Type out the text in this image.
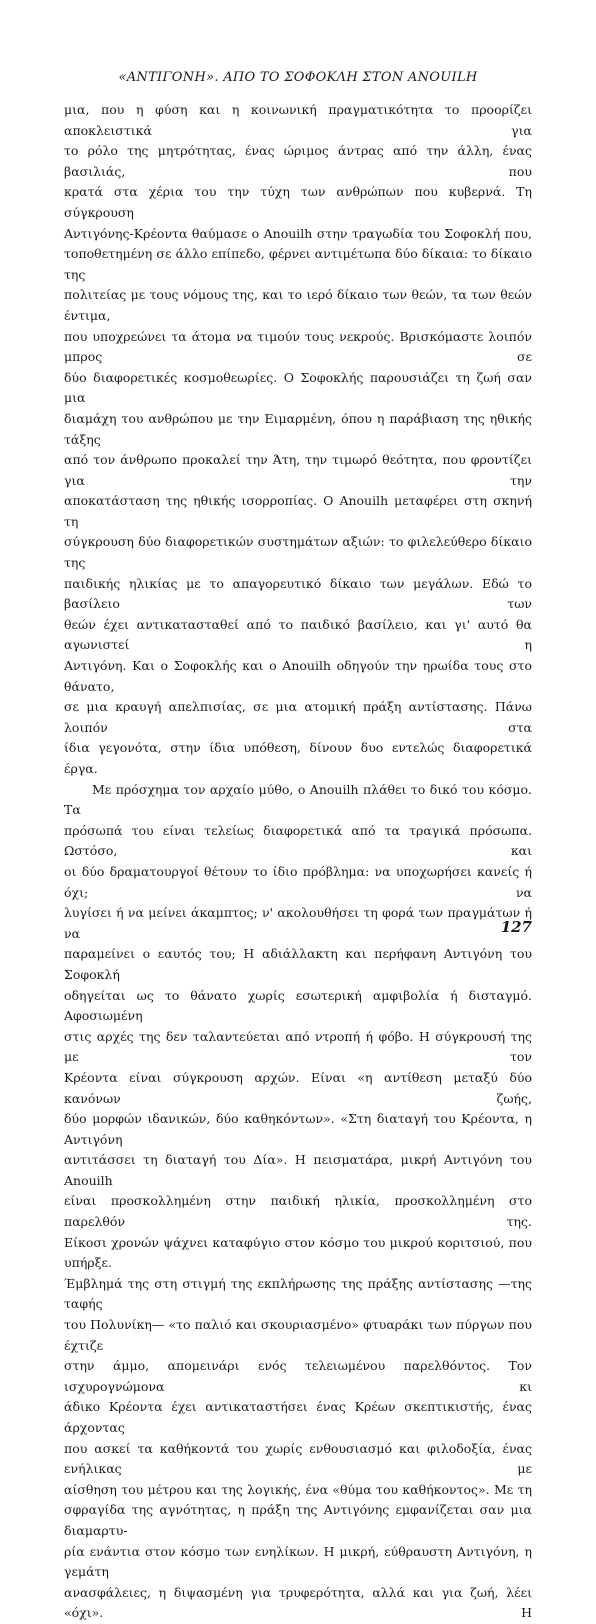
«ΑΝΤΙΓΟΝΗ». ΑΠΟ ΤΟ ΣΟΦΟΚΛΗ ΣΤΟΝ ANOUILH
μια, που η φύση και η κοινωνική πραγματικότητα το προορίζει αποκλειστικά για
το ρόλο της μητρότητας, ένας ώριμος άντρας από την άλλη, ένας βασιλιάς, που
κρατά στα χέρια του την τύχη των ανθρώπων που κυβερνά. Τη σύγκρουση
Αντιγόνης-Κρέοντα θαύμασε ο Anouilh στην τραγωδία του Σοφοκλή που,
τοποθετημένη σε άλλο επίπεδο, φέρνει αντιμέτωπα δύο δίκαια: το δίκαιο της
πολιτείας με τους νόμους της, και το ιερό δίκαιο των θεών, τα των θεών έντιμα,
που υποχρεώνει τα άτομα να τιμούν τους νεκρούς. Βρισκόμαστε λοιπόν μπρος σε
δύο διαφορετικές κοσμοθεωρίες. Ο Σοφοκλής παρουσιάζει τη ζωή σαν μια
διαμάχη του ανθρώπου με την Ειμαρμένη, όπου η παράβιαση της ηθικής τάξης
από τον άνθρωπο προκαλεί την Άτη, την τιμωρό θεότητα, που φροντίζει για την
αποκατάσταση της ηθικής ισορροπίας. Ο Anouilh μεταφέρει στη σκηνή τη
σύγκρουση δύο διαφορετικών συστημάτων αξιών: το φιλελεύθερο δίκαιο της
παιδικής ηλικίας με το απαγορευτικό δίκαιο των μεγάλων. Εδώ το βασίλειο των
θεών έχει αντικατασταθεί από το παιδικό βασίλειο, και γι' αυτό θα αγωνιστεί η
Αντιγόνη. Και ο Σοφοκλής και ο Anouilh οδηγούν την ηρωίδα τους στο θάνατο,
σε μια κραυγή απελπισίας, σε μια ατομική πράξη αντίστασης. Πάνω λοιπόν στα
ίδια γεγονότα, στην ίδια υπόθεση, δίνουν δυο εντελώς διαφορετικά έργα.
Με πρόσχημα τον αρχαίο μύθο, ο Anouilh πλάθει το δικό του κόσμο. Τα
πρόσωπά του είναι τελείως διαφορετικά από τα τραγικά πρόσωπα. Ωστόσο, και
οι δύο δραματουργοί θέτουν το ίδιο πρόβλημα: να υποχωρήσει κανείς ή όχι; να
λυγίσει ή να μείνει άκαμπτος; ν' ακολουθήσει τη φορά των πραγμάτων ή να
παραμείνει ο εαυτός του; Η αδιάλλακτη και περήφανη Αντιγόνη του Σοφοκλή
οδηγείται ως το θάνατο χωρίς εσωτερική αμφιβολία ή δισταγμό. Αφοσιωμένη
στις αρχές της δεν ταλαντεύεται από ντροπή ή φόβο. Η σύγκρουσή της με τον
Κρέοντα είναι σύγκρουση αρχών. Είναι «η αντίθεση μεταξύ δύο κανόνων ζωής,
δύο μορφών ιδανικών, δύο καθηκόντων». «Στη διαταγή του Κρέοντα, η Αντιγόνη
αντιτάσσει τη διαταγή του Δία». Η πεισματάρα, μικρή Αντιγόνη του Anouilh
είναι προσκολλημένη στην παιδική ηλικία, προσκολλημένη στο παρελθόν της.
Είκοσι χρονών ψάχνει καταφύγιο στον κόσμο του μικρού κοριτσιού, που υπήρξε.
Έμβλημά της στη στιγμή της εκπλήρωσης της πράξης αντίστασης —της ταφής
του Πολυνίκη— «το παλιό και σκουριασμένο» φτυαράκι των πύργων που έχτιζε
στην άμμο, απομεινάρι ενός τελειωμένου παρελθόντος. Τον ισχυρογνώμονα κι
άδικο Κρέοντα έχει αντικαταστήσει ένας Κρέων σκεπτικιστής, ένας άρχοντας
που ασκεί τα καθήκοντά του χωρίς ενθουσιασμό και φιλοδοξία, ένας ενήλικας με
αίσθηση του μέτρου και της λογικής, ένα «θύμα του καθήκοντος». Με τη
σφραγίδα της αγνότητας, η πράξη της Αντιγόνης εμφανίζεται σαν μια διαμαρτυ-
ρία ενάντια στον κόσμο των ενηλίκων. Η μικρή, εύθραυστη Αντιγόνη, η γεμάτη
ανασφάλειες, η διψασμένη για τρυφερότητα, αλλά και για ζωή, λέει «όχι». Η
127
